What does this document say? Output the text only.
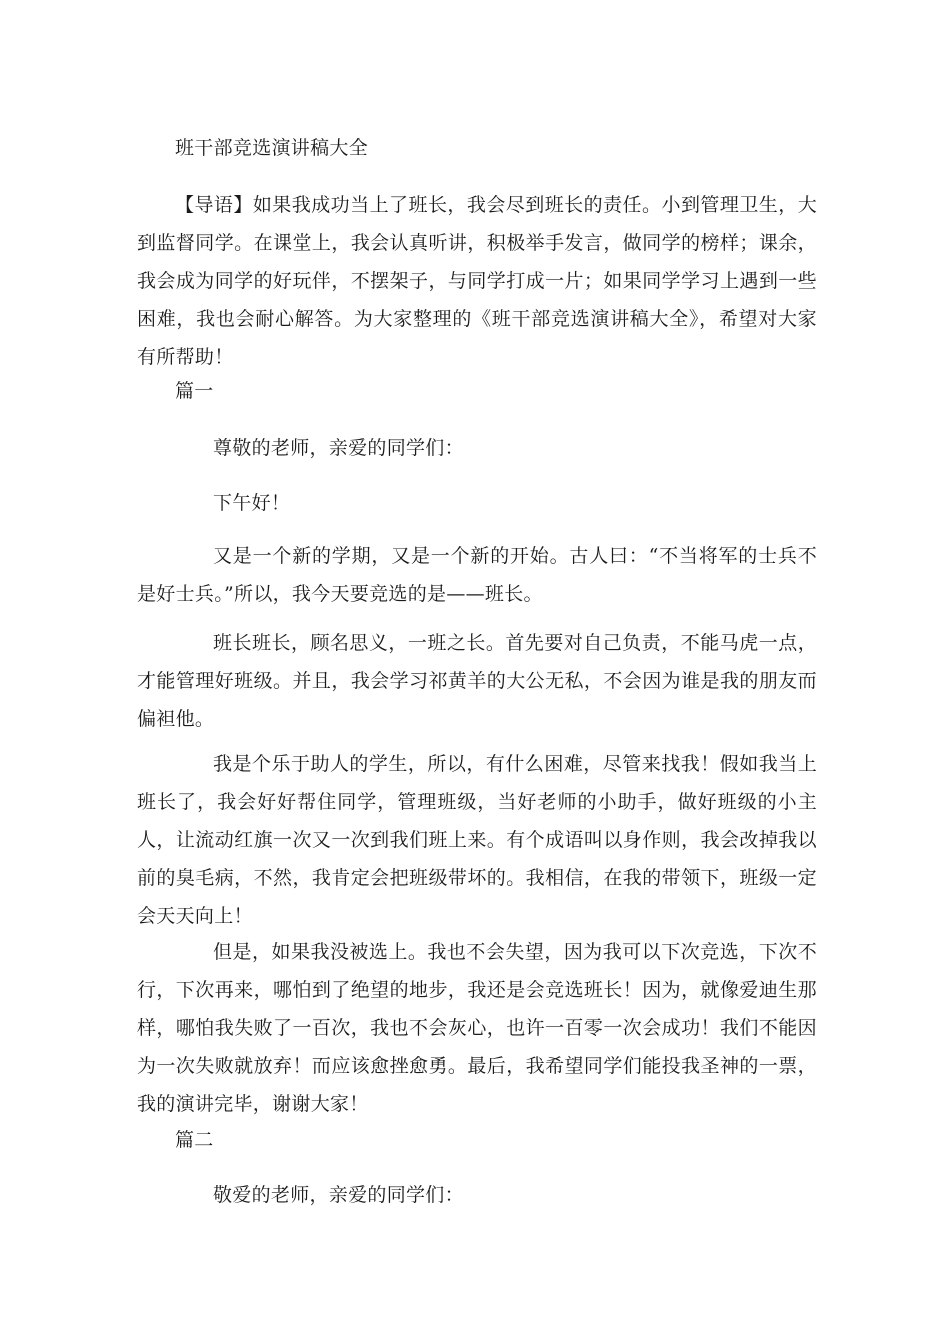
班干部竞选演讲稿大全
【导语】如果我成功当上了班长，我会尽到班长的责任。小到管理卫生，大到监督同学。在课堂上，我会认真听讲，积极举手发言，做同学的榜样；课余，我会成为同学的好玩伴，不摆架子，与同学打成一片；如果同学学习上遇到一些困难，我也会耐心解答。为大家整理的《班干部竞选演讲稿大全》，希望对大家有所帮助！
篇一
尊敬的老师，亲爱的同学们：
下午好！
又是一个新的学期，又是一个新的开始。古人曰：“不当将军的士兵不是好士兵。”所以，我今天要竞选的是——班长。
班长班长，顾名思义，一班之长。首先要对自己负责，不能马虎一点，才能管理好班级。并且，我会学习祁黄羊的大公无私，不会因为谁是我的朋友而偏袒他。
我是个乐于助人的学生，所以，有什么困难，尽管来找我！假如我当上班长了，我会好好帮住同学，管理班级，当好老师的小助手，做好班级的小主人，让流动红旗一次又一次到我们班上来。有个成语叫以身作则，我会改掉我以前的臭毛病，不然，我肯定会把班级带坏的。我相信，在我的带领下，班级一定会天天向上！
但是，如果我没被选上。我也不会失望，因为我可以下次竞选，下次不行，下次再来，哪怕到了绝望的地步，我还是会竞选班长！因为，就像爱迪生那样，哪怕我失败了一百次，我也不会灰心，也许一百零一次会成功！我们不能因为一次失败就放弃！而应该愈挫愈勇。最后，我希望同学们能投我圣神的一票，我的演讲完毕，谢谢大家！
篇二
敬爱的老师，亲爱的同学们：
